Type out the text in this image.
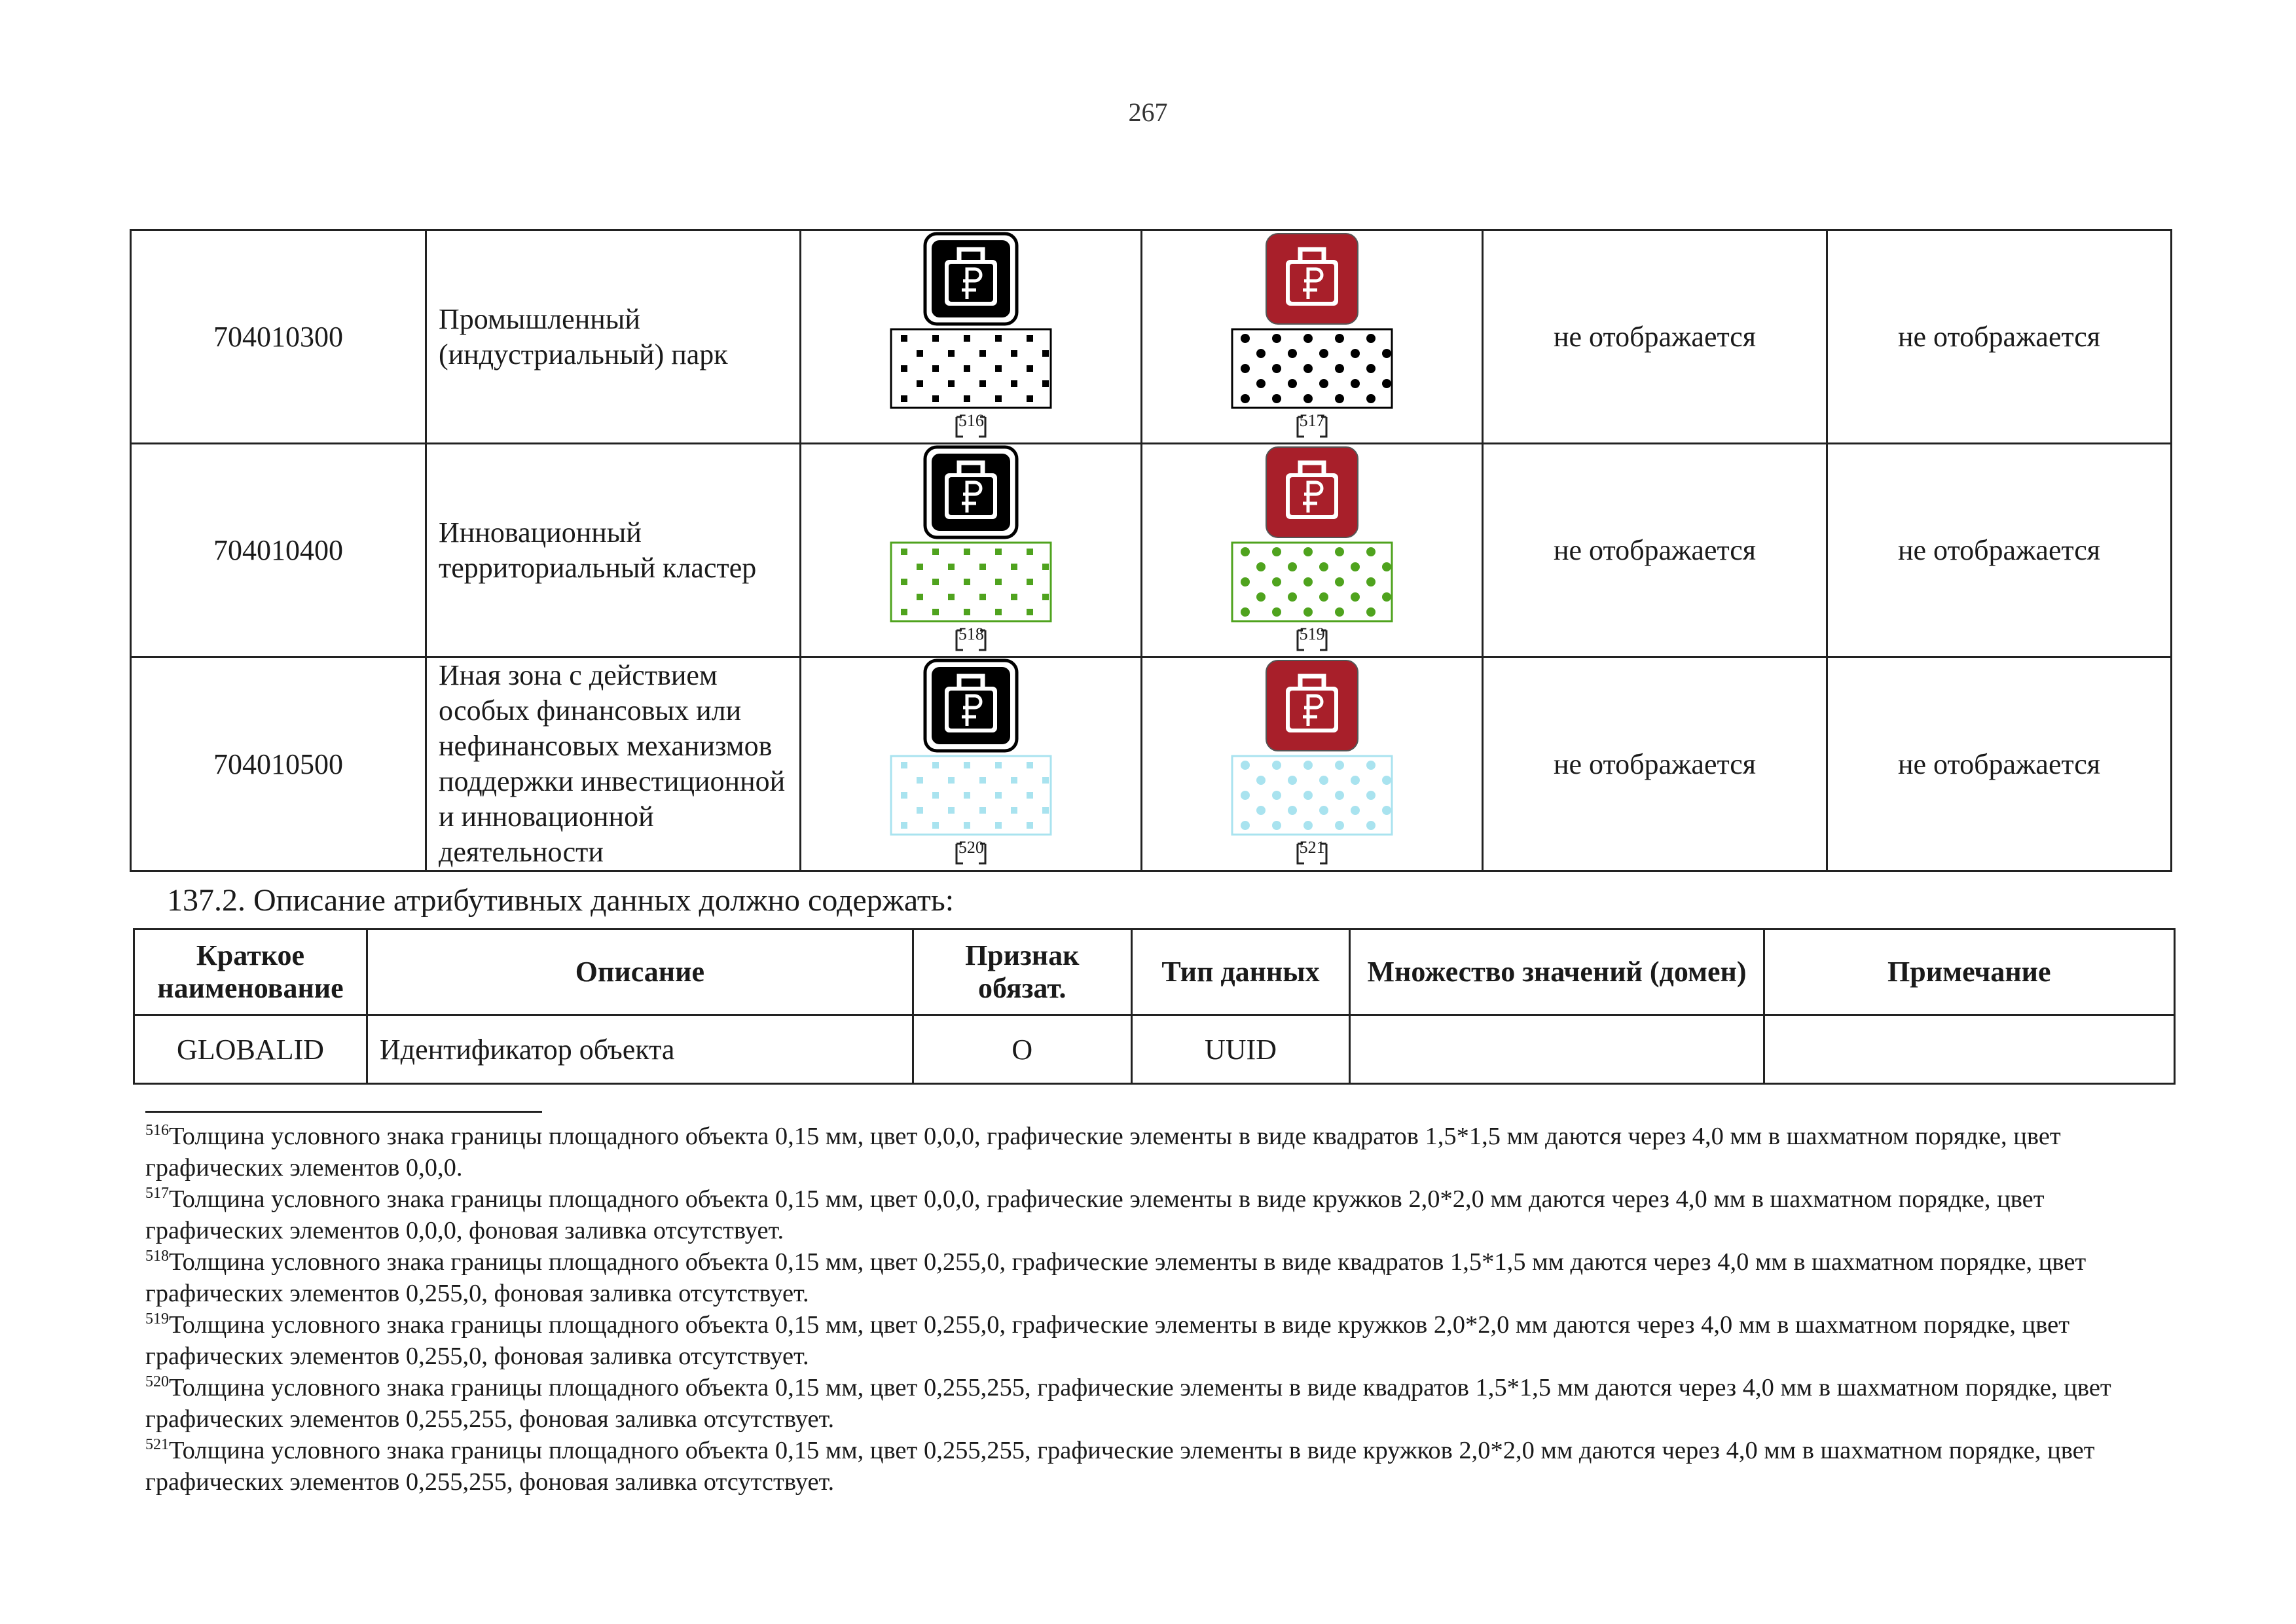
267
704010300	Промышленный (индустриальный) парк	$^{516}$	$^{517}$	не отображается	не отображается
704010400	Инновационный территориальный кластер	$^{518}$	$^{519}$	не отображается	не отображается
704010500	Иная зона с действием особых финансовых или нефинансовых механизмов поддержки инвестиционной и инновационной деятельности	$^{520}$	$^{521}$	не отображается	не отображается
137.2. Описание атрибутивных данных должно содержать:
Краткое наименование	Описание	Признак обязат.	Тип данных	Множество значений (домен)	Примечание
GLOBALID	Идентификатор объекта	О	UUID		

$^{516}$Толщина условного знака границы площадного объекта 0,15 мм, цвет 0,0,0, графические элементы в виде квадратов 1,5*1,5 мм даются через 4,0 мм в шахматном порядке, цвет графических элементов 0,0,0.

$^{517}$Толщина условного знака границы площадного объекта 0,15 мм, цвет 0,0,0, графические элементы в виде кружков 2,0*2,0 мм даются через 4,0 мм в шахматном порядке, цвет графических элементов 0,0,0, фоновая заливка отсутствует.

$^{518}$Толщина условного знака границы площадного объекта 0,15 мм, цвет 0,255,0, графические элементы в виде квадратов 1,5*1,5 мм даются через 4,0 мм в шахматном порядке, цвет графических элементов 0,255,0, фоновая заливка отсутствует.

$^{519}$Толщина условного знака границы площадного объекта 0,15 мм, цвет 0,255,0, графические элементы в виде кружков 2,0*2,0 мм даются через 4,0 мм в шахматном порядке, цвет графических элементов 0,255,0, фоновая заливка отсутствует.

$^{520}$Толщина условного знака границы площадного объекта 0,15 мм, цвет 0,255,255, графические элементы в виде квадратов 1,5*1,5 мм даются через 4,0 мм в шахматном порядке, цвет графических элементов 0,255,255, фоновая заливка отсутствует.

$^{521}$Толщина условного знака границы площадного объекта 0,15 мм, цвет 0,255,255, графические элементы в виде кружков 2,0*2,0 мм даются через 4,0 мм в шахматном порядке, цвет графических элементов 0,255,255, фоновая заливка отсутствует.
